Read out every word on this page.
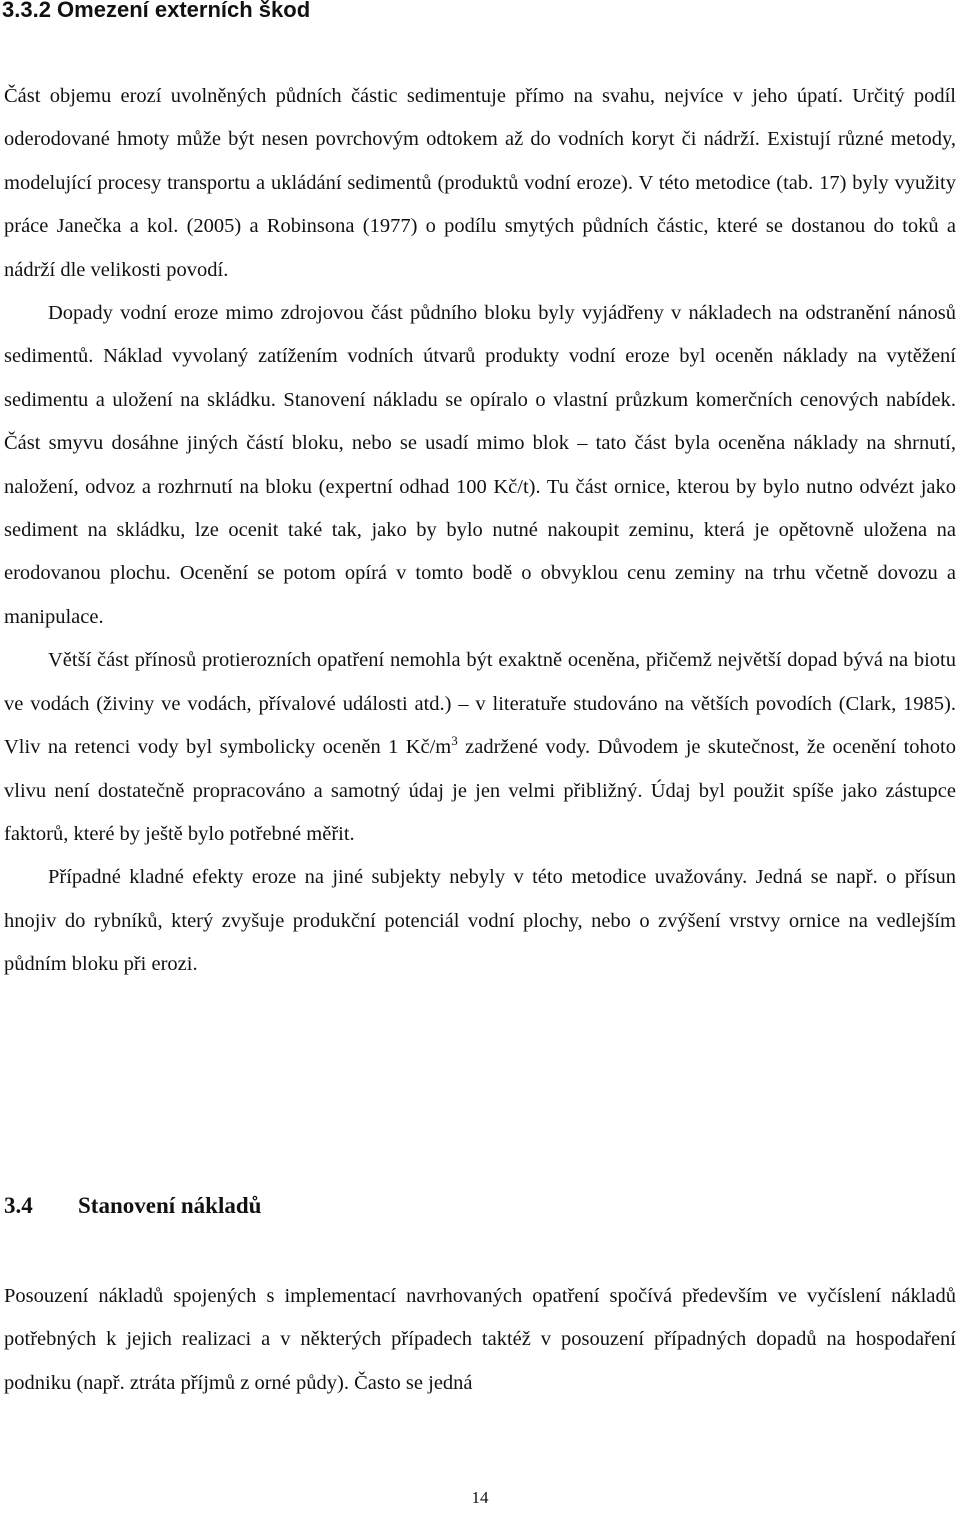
3.3.2 Omezení externích škod

Část objemu erozí uvolněných půdních částic sedimentuje přímo na svahu, nejvíce v jeho úpatí. Určitý podíl oderodované hmoty může být nesen povrchovým odtokem až do vodních koryt či nádrží. Existují různé metody, modelující procesy transportu a ukládání sedimentů (produktů vodní eroze). V této metodice (tab. 17) byly využity práce Janečka a kol. (2005) a Robinsona (1977) o podílu smytých půdních částic, které se dostanou do toků a nádrží dle velikosti povodí.

Dopady vodní eroze mimo zdrojovou část půdního bloku byly vyjádřeny v nákladech na odstranění nánosů sedimentů. Náklad vyvolaný zatížením vodních útvarů produkty vodní eroze byl oceněn náklady na vytěžení sedimentu a uložení na skládku. Stanovení nákladu se opíralo o vlastní průzkum komerčních cenových nabídek. Část smyvu dosáhne jiných částí bloku, nebo se usadí mimo blok – tato část byla oceněna náklady na shrnutí, naložení, odvoz a rozhrnutí na bloku (expertní odhad 100 Kč/t). Tu část ornice, kterou by bylo nutno odvézt jako sediment na skládku, lze ocenit také tak, jako by bylo nutné nakoupit zeminu, která je opětovně uložena na erodovanou plochu. Ocenění se potom opírá v tomto bodě o obvyklou cenu zeminy na trhu včetně dovozu a manipulace.

Větší část přínosů protierozních opatření nemohla být exaktně oceněna, přičemž největší dopad bývá na biotu ve vodách (živiny ve vodách, přívalové události atd.) – v literatuře studováno na větších povodích (Clark, 1985). Vliv na retenci vody byl symbolicky oceněn 1 $Kč/m^3$ zadržené vody. Důvodem je skutečnost, že ocenění tohoto vlivu není dostatečně propracováno a samotný údaj je jen velmi přibližný. Údaj byl použit spíše jako zástupce faktorů, které by ještě bylo potřebné měřit.

Případné kladné efekty eroze na jiné subjekty nebyly v této metodice uvažovány. Jedná se např. o přísun hnojiv do rybníků, který zvyšuje produkční potenciál vodní plochy, nebo o zvýšení vrstvy ornice na vedlejším půdním bloku při erozi.

3.4 Stanovení nákladů

Posouzení nákladů spojených s implementací navrhovaných opatření spočívá především ve vyčíslení nákladů potřebných k jejich realizaci a v některých případech taktéž v posouzení případných dopadů na hospodaření podniku (např. ztráta příjmů z orné půdy). Často se jedná

14
